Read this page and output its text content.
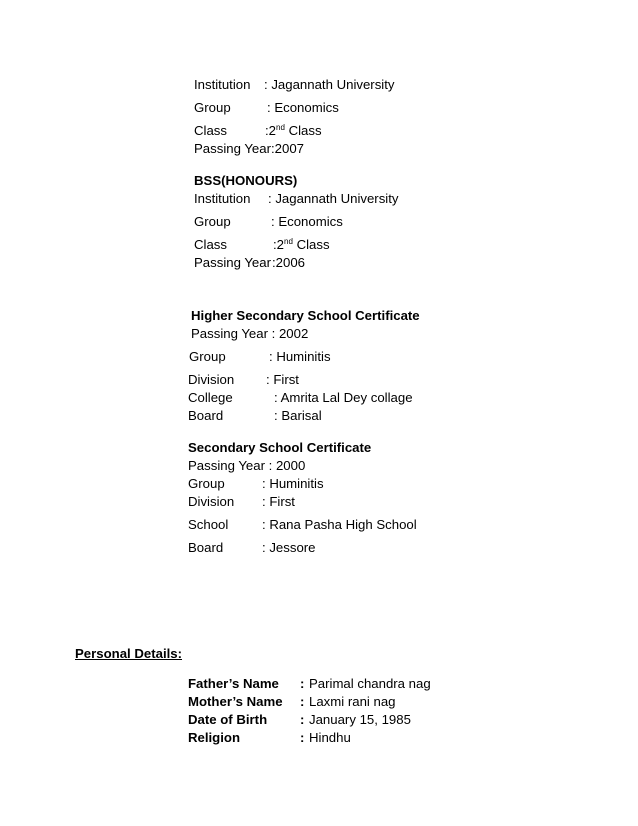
Institution : Jagannath University
Group	: Economics
Class	:2nd Class
Passing Year:2007
BSS(HONOURS)
Institution : Jagannath University
Group	: Economics
Class	:2nd Class
Passing Year :2006
Higher Secondary School Certificate
Passing Year : 2002
Group	: Huminitis
Division : First
College	: Amrita Lal Dey collage
Board	: Barisal
Secondary School Certificate
Passing Year : 2000
Group	: Huminitis
Division : First
School	: Rana Pasha High School
Board	: Jessore
Personal Details:
Father’s Name : Parimal chandra nag
Mother’s Name : Laxmi rani nag
Date of Birth : January 15, 1985
Religion	: Hindhu
